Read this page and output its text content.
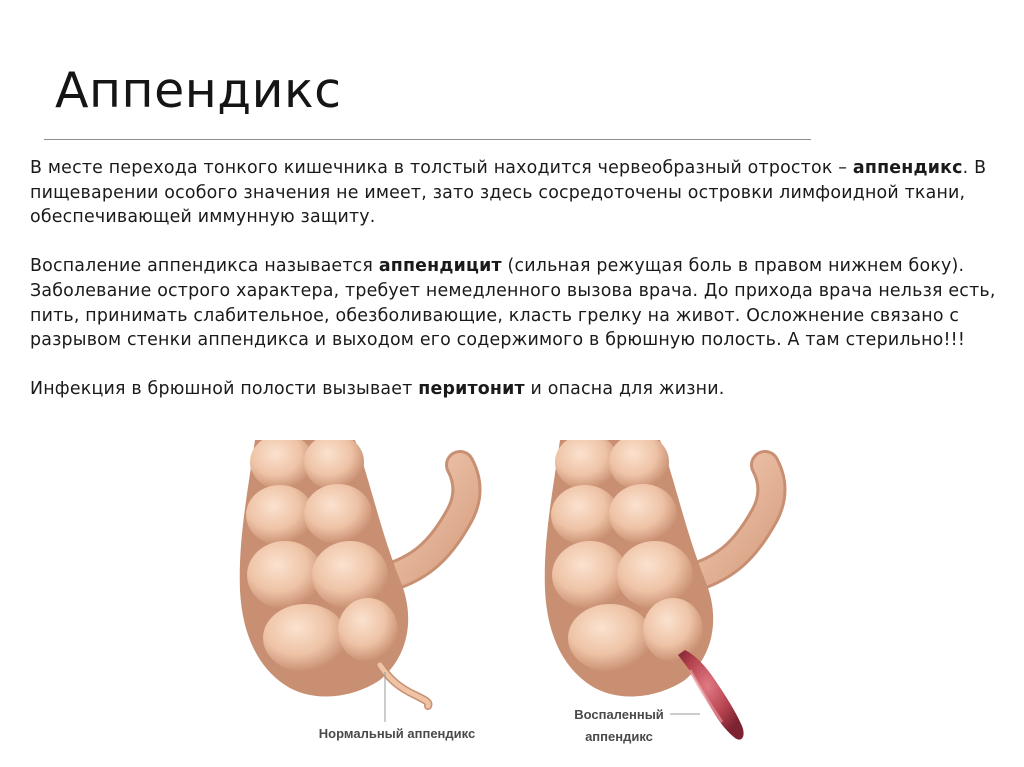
Аппендикс

В месте перехода тонкого кишечника в толстый находится червеобразный отросток – аппендикс. В пищеварении особого значения не имеет, зато здесь сосредоточены островки лимфоидной ткани, обеспечивающей иммунную защиту.

Воспаление аппендикса называется аппендицит (сильная режущая боль в правом нижнем боку). Заболевание острого характера, требует немедленного вызова врача. До прихода врача нельзя есть, пить, принимать слабительное, обезболивающие, класть грелку на живот. Осложнение связано с разрывом стенки аппендикса и выходом его содержимого в брюшную полость. А там стерильно!!!

Инфекция в брюшной полости вызывает перитонит и опасна для жизни.

Нормальный аппендикс
Воспаленный
аппендикс
